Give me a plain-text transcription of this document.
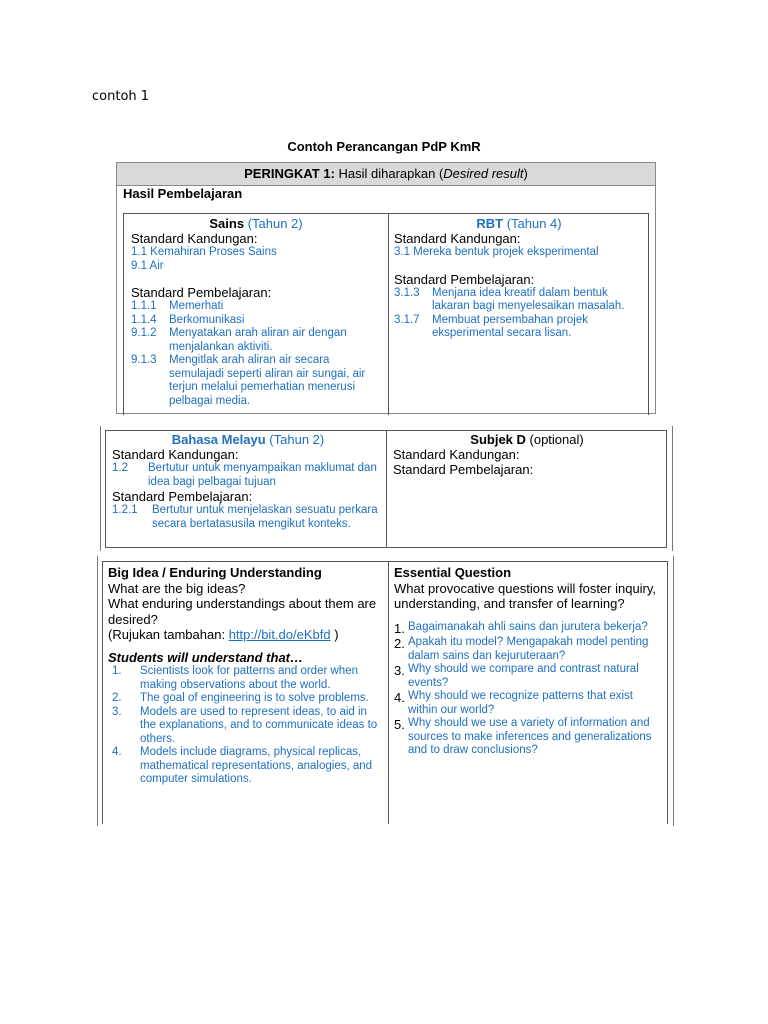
contoh 1
Contoh Perancangan PdP KmR
PERINGKAT 1: Hasil diharapkan (Desired result)
Hasil Pembelajaran
Sains (Tahun 2)
Standard Kandungan:
1.1 Kemahiran Proses Sains
9.1 Air
Standard Pembelajaran:
1.1.1	Memerhati
1.1.4	Berkomunikasi
9.1.2	Menyatakan arah aliran air dengan menjalankan aktiviti.
9.1.3	Mengitlak arah aliran air secara semulajadi seperti aliran air sungai, air terjun melalui pemerhatian menerusi pelbagai media.
RBT (Tahun 4)
Standard Kandungan:
3.1 Mereka bentuk projek eksperimental
Standard Pembelajaran:
3.1.3	Menjana idea kreatif dalam bentuk lakaran bagi menyelesaikan masalah.
3.1.7	Membuat persembahan projek eksperimental secara lisan.
Bahasa Melayu (Tahun 2)
Standard Kandungan:
1.2	Bertutur untuk menyampaikan maklumat dan idea bagi pelbagai tujuan
Standard Pembelajaran:
1.2.1	Bertutur untuk menjelaskan sesuatu perkara secara bertatasusila mengikut konteks.
Subjek D (optional)
Standard Kandungan:
Standard Pembelajaran:
Big Idea / Enduring Understanding
What are the big ideas?
What enduring understandings about them are desired?
(Rujukan tambahan: http://bit.do/eKbfd )
Students will understand that…
1.	Scientists look for patterns and order when making observations about the world.
2.	The goal of engineering is to solve problems.
3.	Models are used to represent ideas, to aid in the explanations, and to communicate ideas to others.
4.	Models include diagrams, physical replicas, mathematical representations, analogies, and computer simulations.
Essential Question
What provocative questions will foster inquiry, understanding, and transfer of learning?
1. Bagaimanakah ahli sains dan jurutera bekerja?
2. Apakah itu model? Mengapakah model penting dalam sains dan kejuruteraan?
3. Why should we compare and contrast natural events?
4. Why should we recognize patterns that exist within our world?
5. Why should we use a variety of information and sources to make inferences and generalizations and to draw conclusions?
